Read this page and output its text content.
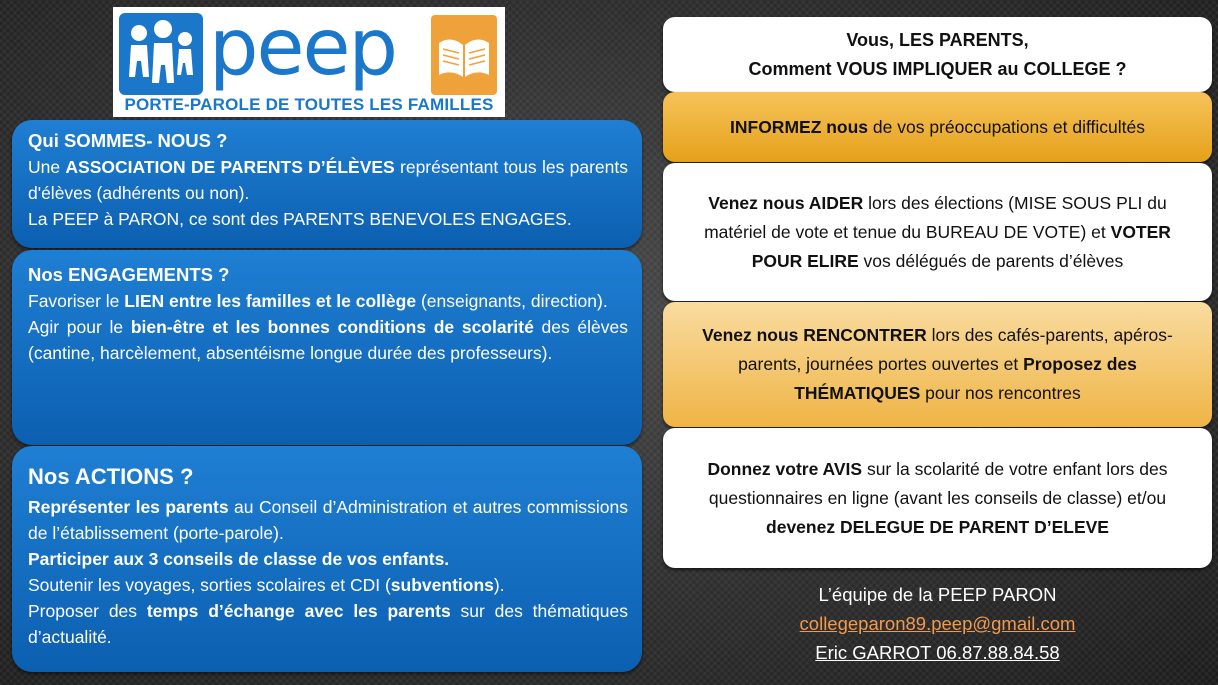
peep
PORTE-PAROLE DE TOUTES LES FAMILLES

Qui SOMMES- NOUS ?

Une ASSOCIATION DE PARENTS D’ÉLÈVES représentant tous les parents d'élèves (adhérents ou non).

La PEEP à PARON, ce sont des PARENTS BENEVOLES ENGAGES.

Nos ENGAGEMENTS ?

Favoriser le LIEN entre les familles et le collège (enseignants, direction).

Agir pour le bien-être et les bonnes conditions de scolarité des élèves (cantine, harcèlement, absentéisme longue durée des professeurs).

Nos ACTIONS ?

Représenter les parents au Conseil d’Administration et autres commissions de l’établissement (porte-parole).

Participer aux 3 conseils de classe de vos enfants.

Soutenir les voyages, sorties scolaires et CDI (subventions).

Proposer des temps d’échange avec les parents sur des thématiques d’actualité.

Vous, LES PARENTS,
Comment VOUS IMPLIQUER au COLLEGE ?

INFORMEZ nous de vos préoccupations et difficultés

Venez nous AIDER lors des élections (MISE SOUS PLI du matériel de vote et tenue du BUREAU DE VOTE) et VOTER POUR ELIRE vos délégués de parents d’élèves

Venez nous RENCONTRER lors des cafés-parents, apéros-parents, journées portes ouvertes et Proposez des THÉMATIQUES pour nos rencontres

Donnez votre AVIS sur la scolarité de votre enfant lors des questionnaires en ligne (avant les conseils de classe) et/ou devenez DELEGUE DE PARENT D’ELEVE

L’équipe de la PEEP PARON
collegeparon89.peep@gmail.com
Eric GARROT 06.87.88.84.58
